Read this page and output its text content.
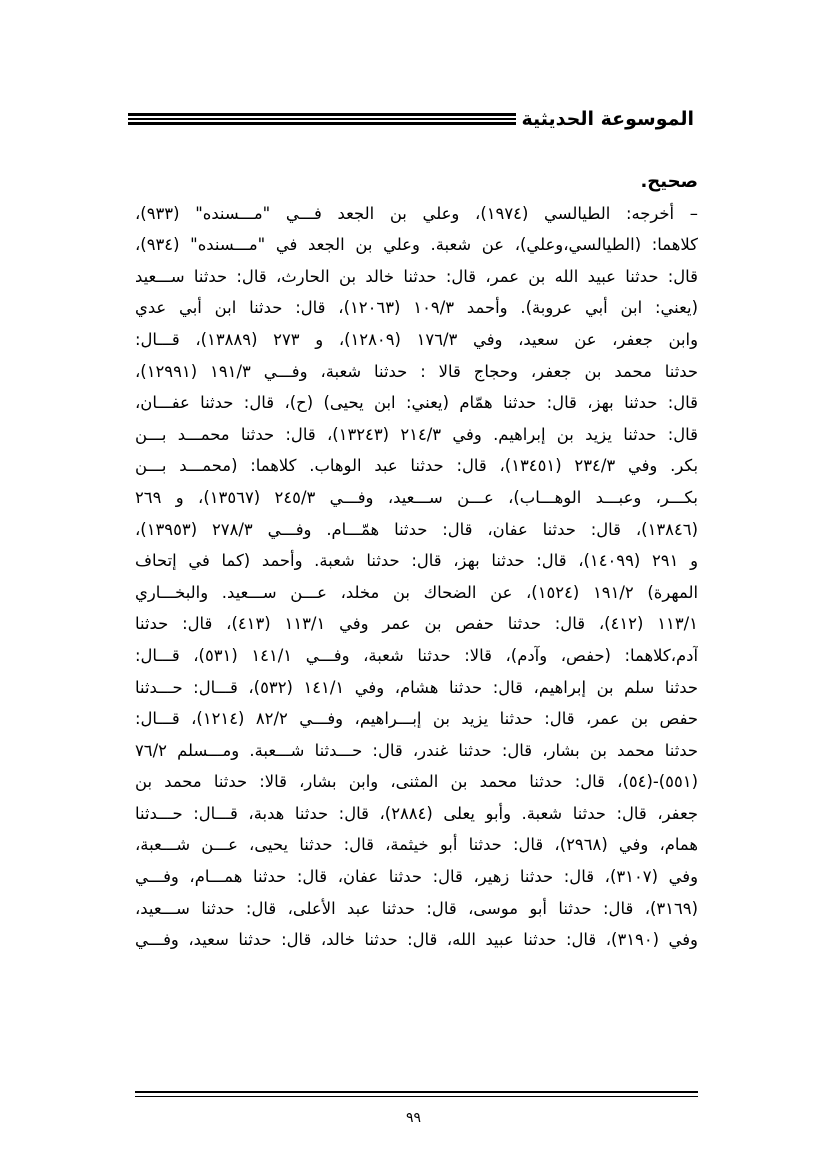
الموسوعة الحديثية
صحيح.
– أخرجه: الطيالسي (١٩٧٤)، وعلي بن الجعد فـــي "مـــسنده" (٩٣٣)،
كلاهما: (الطيالسي،وعلي)، عن شعبة. وعلي بن الجعد في "مـــسنده" (٩٣٤)،
قال: حدثنا عبيد الله بن عمر، قال: حدثنا خالد بن الحارث، قال: حدثنا ســـعيد
(يعني: ابن أبي عروبة). وأحمد ١٠٩/٣ (١٢٠٦٣)، قال: حدثنا ابن أبي عدي
وابن جعفر، عن سعيد، وفي ١٧٦/٣ (١٢٨٠٩)، و ٢٧٣ (١٣٨٨٩)، قـــال:
حدثنا محمد بن جعفر، وحجاج قالا : حدثنا شعبة، وفـــي ١٩١/٣ (١٢٩٩١)،
قال: حدثنا بهز، قال: حدثنا همّام (يعني: ابن يحيى) (ح)، قال: حدثنا عفـــان،
قال: حدثنا يزيد بن إبراهيم. وفي ٢١٤/٣ (١٣٢٤٣)، قال: حدثنا محمـــد بـــن
بكر. وفي ٢٣٤/٣ (١٣٤٥١)، قال: حدثنا عبد الوهاب. كلاهما: (محمـــد بـــن
بكـــر، وعبـــد الوهـــاب)، عـــن ســـعيد، وفـــي ٢٤٥/٣ (١٣٥٦٧)، و ٢٦٩
(١٣٨٤٦)، قال: حدثنا عفان، قال: حدثنا همّـــام. وفـــي ٢٧٨/٣ (١٣٩٥٣)،
و ٢٩١ (١٤٠٩٩)، قال: حدثنا بهز، قال: حدثنا شعبة. وأحمد (كما في إتحاف
المهرة) ١٩١/٢ (١٥٢٤)، عن الضحاك بن مخلد، عـــن ســـعيد. والبخـــاري
١١٣/١ (٤١٢)، قال: حدثنا حفص بن عمر وفي ١١٣/١ (٤١٣)، قال: حدثنا
آدم،كلاهما: (حفص، وآدم)، قالا: حدثنا شعبة، وفـــي ١٤١/١ (٥٣١)، قـــال:
حدثنا سلم بن إبراهيم، قال: حدثنا هشام، وفي ١٤١/١ (٥٣٢)، قـــال: حـــدثنا
حفص بن عمر، قال: حدثنا يزيد بن إبـــراهيم، وفـــي ٨٢/٢ (١٢١٤)، قـــال:
حدثنا محمد بن بشار، قال: حدثنا غندر، قال: حـــدثنا شـــعبة. ومـــسلم ٧٦/٢
(٥٥١)-(٥٤)، قال: حدثنا محمد بن المثنى، وابن بشار، قالا: حدثنا محمد بن
جعفر، قال: حدثنا شعبة. وأبو يعلى (٢٨٨٤)، قال: حدثنا هدبة، قـــال: حـــدثنا
همام، وفي (٢٩٦٨)، قال: حدثنا أبو خيثمة، قال: حدثنا يحيى، عـــن شـــعبة،
وفي (٣١٠٧)، قال: حدثنا زهير، قال: حدثنا عفان، قال: حدثنا همـــام، وفـــي
(٣١٦٩)، قال: حدثنا أبو موسى، قال: حدثنا عبد الأعلى، قال: حدثنا ســـعيد،
وفي (٣١٩٠)، قال: حدثنا عبيد الله، قال: حدثنا خالد، قال: حدثنا سعيد، وفـــي
٩٩
